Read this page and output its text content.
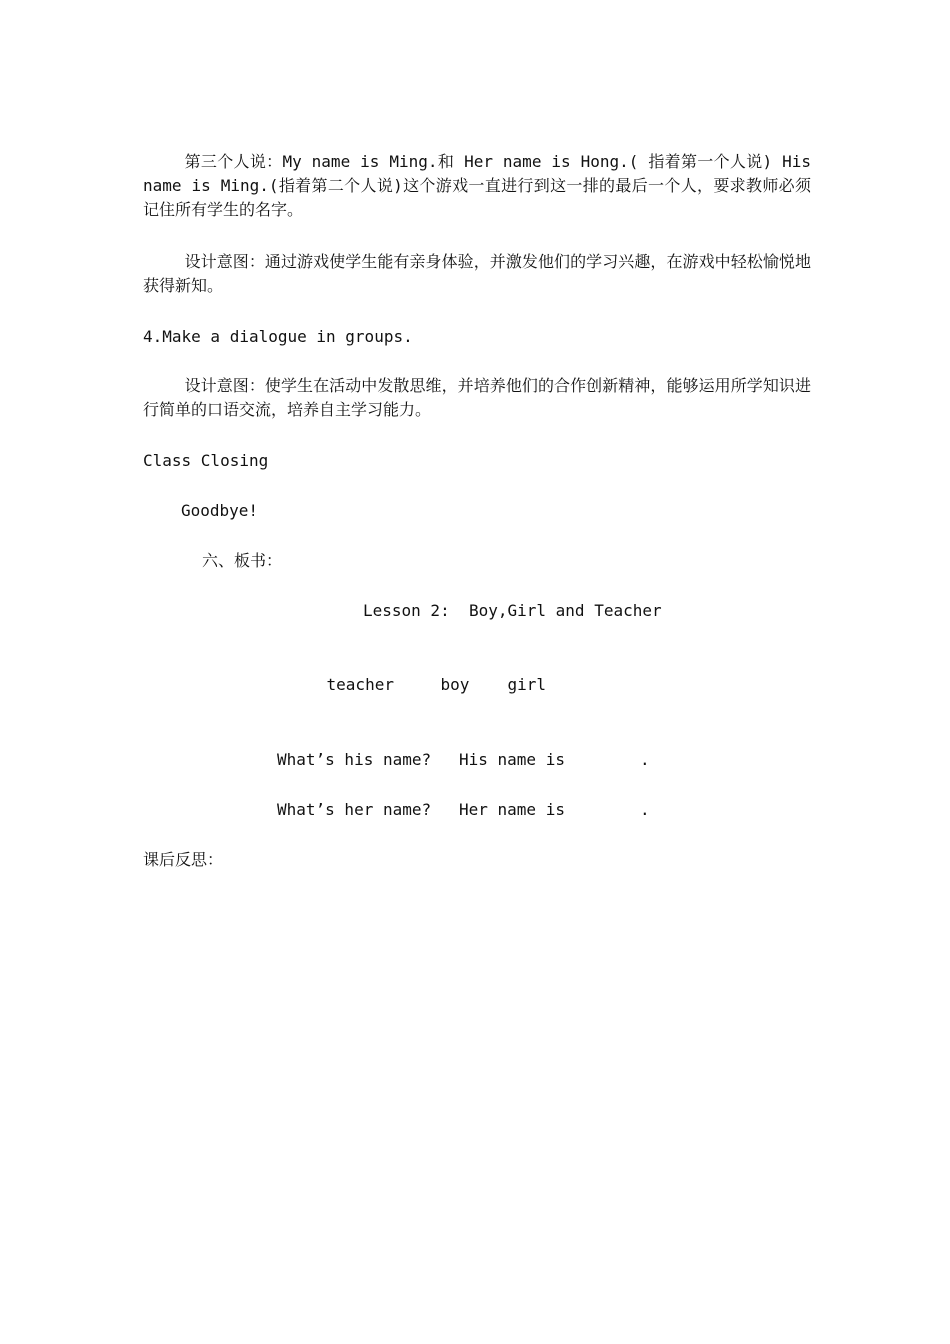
第三个人说：My name is Ming.和 Her name is Hong.( 指着第一个人说) His name is Ming.(指着第二个人说)这个游戏一直进行到这一排的最后一个人，要求教师必须记住所有学生的名字。
设计意图：通过游戏使学生能有亲身体验，并激发他们的学习兴趣，在游戏中轻松愉悦地获得新知。
4.Make a dialogue in groups.
设计意图：使学生在活动中发散思维，并培养他们的合作创新精神，能够运用所学知识进行简单的口语交流，培养自主学习能力。
Class Closing
Goodbye!
六、板书：
Lesson 2:  Boy,Girl and Teacher

teacher
	boy
	girl

What’s his name? His name is	.
What’s her name? Her name is	.
课后反思：
